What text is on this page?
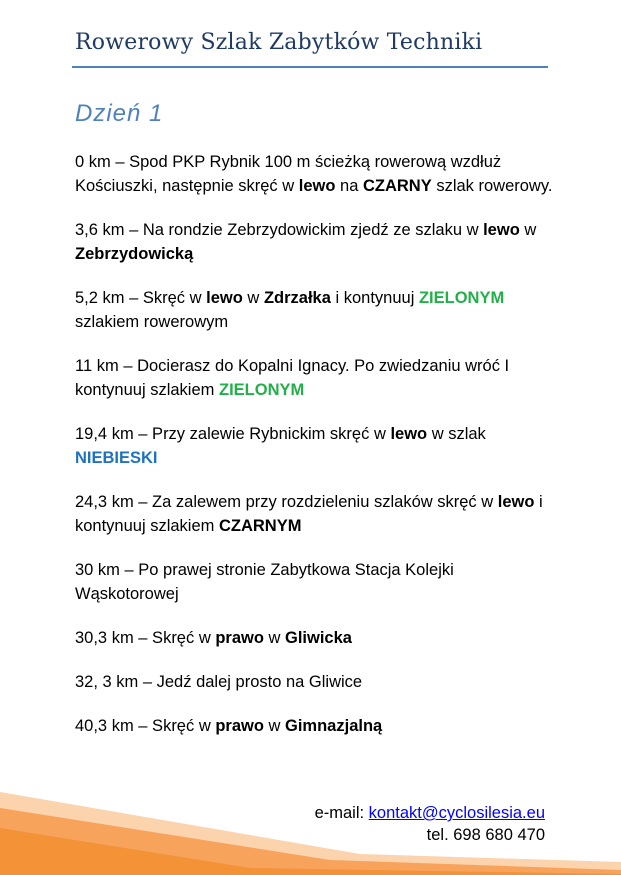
Rowerowy Szlak Zabytków Techniki
Dzień 1

0 km – Spod PKP Rybnik 100 m ścieżką rowerową wzdłuż Kościuszki, następnie skręć w lewo na CZARNY szlak rowerowy.

3,6 km – Na rondzie Zebrzydowickim zjedź ze szlaku w lewo w Zebrzydowicką

5,2 km – Skręć w lewo w Zdrzałka i kontynuuj ZIELONYM szlakiem rowerowym

11 km – Docierasz do Kopalni Ignacy. Po zwiedzaniu wróć I kontynuuj szlakiem ZIELONYM

19,4 km – Przy zalewie Rybnickim skręć w lewo w szlak NIEBIESKI

24,3 km – Za zalewem przy rozdzieleniu szlaków skręć w lewo i kontynuuj szlakiem CZARNYM

30 km – Po prawej stronie Zabytkowa Stacja Kolejki Wąskotorowej

30,3 km – Skręć w prawo w Gliwicka

32, 3 km – Jedź dalej prosto na Gliwice

40,3 km – Skręć w prawo w Gimnazjalną

e-mail: kontakt@cyclosilesia.eu
tel. 698 680 470
